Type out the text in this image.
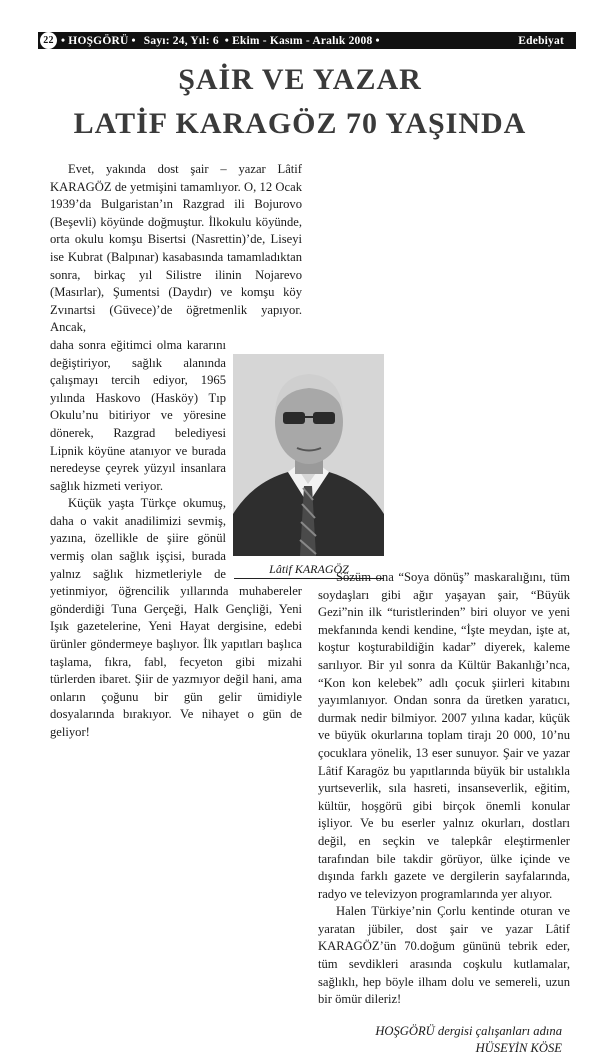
22 • HOŞGÖRÜ • Sayı: 24, Yıl: 6 • Ekim - Kasım - Aralık 2008 •	Edebiyat
ŞAİR VE YAZAR
LATİF KARAGÖZ 70 YAŞINDA

Evet, yakında dost şair – yazar Lâtif KARAGÖZ de yetmişini tamamlıyor. O, 12 Ocak 1939’da Bulgaristan’ın Razgrad ili Bojurovo (Beşevli) köyünde doğmuştur. İlkokulu köyünde, orta okulu komşu Bisertsi (Nasrettin)’de, Liseyi ise Kubrat (Balpınar) kasabasında tamamladıktan sonra, birkaç yıl Silistre ilinin Nojarevo (Masırlar), Şumentsi (Daydır) ve komşu köy Zvınartsi (Güvece)’de öğretmenlik yapıyor. Ancak,

daha sonra eğitimci olma kararını değiştiriyor, sağlık alanında çalışmayı tercih ediyor, 1965 yılında Haskovo (Hasköy) Tıp Okulu’nu bitiriyor ve yöresine dönerek, Razgrad belediyesi Lipnik köyüne atanıyor ve burada neredeyse çeyrek yüzyıl insanlara sağlık hizmeti veriyor.

Küçük yaşta Türkçe okumuş, daha o vakit anadilimizi sevmiş, yazına, özellikle de şiire gönül vermiş olan sağlık işçisi, burada yalnız sağlık hizmetleriyle de yetinmiyor, öğrencilik yıllarında muhabereler gönderdiği Tuna Gerçeği, Halk Gençliği, Yeni Işık gazetelerine, Yeni Hayat dergisine, edebi ürünler göndermeye başlıyor. İlk yapıtları başlıca taşlama, fıkra, fabl, fecyeton gibi mizahi türlerden ibaret. Şiir de yazmıyor değil hani, ama onların çoğunu bir gün gelir ümidiyle dosyalarında bırakıyor. Ve nihayet o gün de geliyor!

Lâtif KARAGÖZ

Sözüm ona “Soya dönüş” maskaralığını, tüm soydaşları gibi ağır yaşayan şair, “Büyük Gezi”nin ilk “turistlerinden” biri oluyor ve yeni mekfanında kendi kendine, “İşte meydan, işte at, koştur koşturabildiğin kadar” diyerek, kaleme sarılıyor. Bir yıl sonra da Kültür Bakanlığı’nca, “Kon kon kelebek” adlı çocuk şiirleri kitabını yayımlanıyor. Ondan sonra da üretken yaratıcı, durmak nedir bilmiyor. 2007 yılına kadar, küçük ve büyük okurlarına toplam tirajı 20 000, 10’nu çocuklara yönelik, 13 eser sunuyor. Şair ve yazar Lâtif Karagöz bu yapıtlarında büyük bir ustalıkla yurtseverlik, sıla hasreti, insanseverlik, eğitim, kültür, hoşgörü gibi birçok önemli konular işliyor. Ve bu eserler yalnız okurları, dostları değil, en seçkin ve talepkâr eleştirmenler tarafından bile takdir görüyor, ülke içinde ve dışında farklı gazete ve dergilerin sayfalarında, radyo ve televizyon programlarında yer alıyor.

Halen Türkiye’nin Çorlu kentinde oturan ve yaratan jübiler, dost şair ve yazar Lâtif KARAGÖZ’ün 70.doğum gününü tebrik eder, tüm sevdikleri arasında coşkulu kutlamalar, sağlıklı, hep böyle ilham dolu ve semereli, uzun bir ömür dileriz!

HOŞGÖRÜ dergisi çalışanları adına
HÜSEYİN KÖSE
